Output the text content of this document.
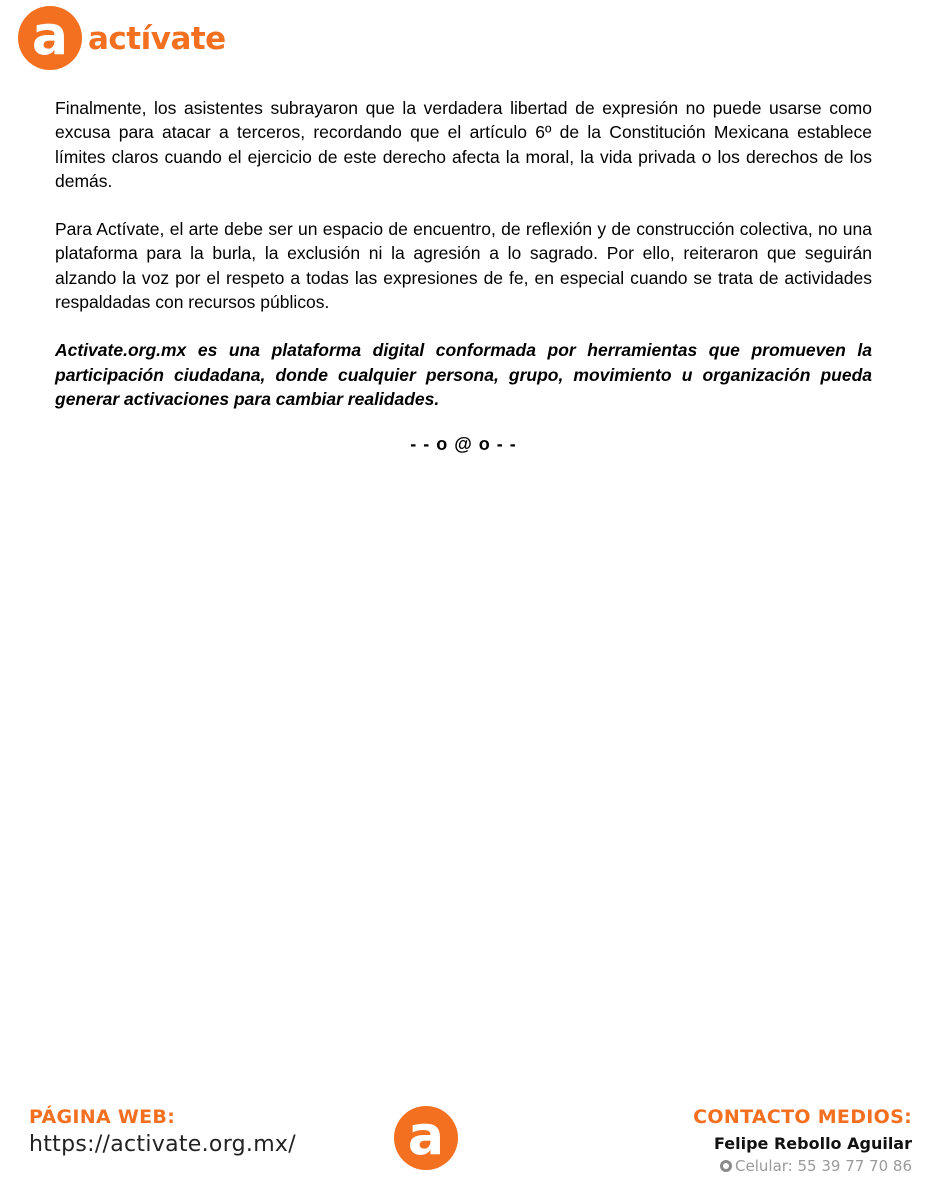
a actívate

Finalmente, los asistentes subrayaron que la verdadera libertad de expresión no puede usarse como excusa para atacar a terceros, recordando que el artículo 6º de la Constitución Mexicana establece límites claros cuando el ejercicio de este derecho afecta la moral, la vida privada o los derechos de los demás.

Para Actívate, el arte debe ser un espacio de encuentro, de reflexión y de construcción colectiva, no una plataforma para la burla, la exclusión ni la agresión a lo sagrado. Por ello, reiteraron que seguirán alzando la voz por el respeto a todas las expresiones de fe, en especial cuando se trata de actividades respaldadas con recursos públicos.

Activate.org.mx es una plataforma digital conformada por herramientas que promueven la participación ciudadana, donde cualquier persona, grupo, movimiento u organización pueda generar activaciones para cambiar realidades.

- - o @ o - -
PÁGINA WEB:
https://activate.org.mx/ a	CONTACTO MEDIOS:
Felipe Rebollo Aguilar
Celular: 55 39 77 70 86
